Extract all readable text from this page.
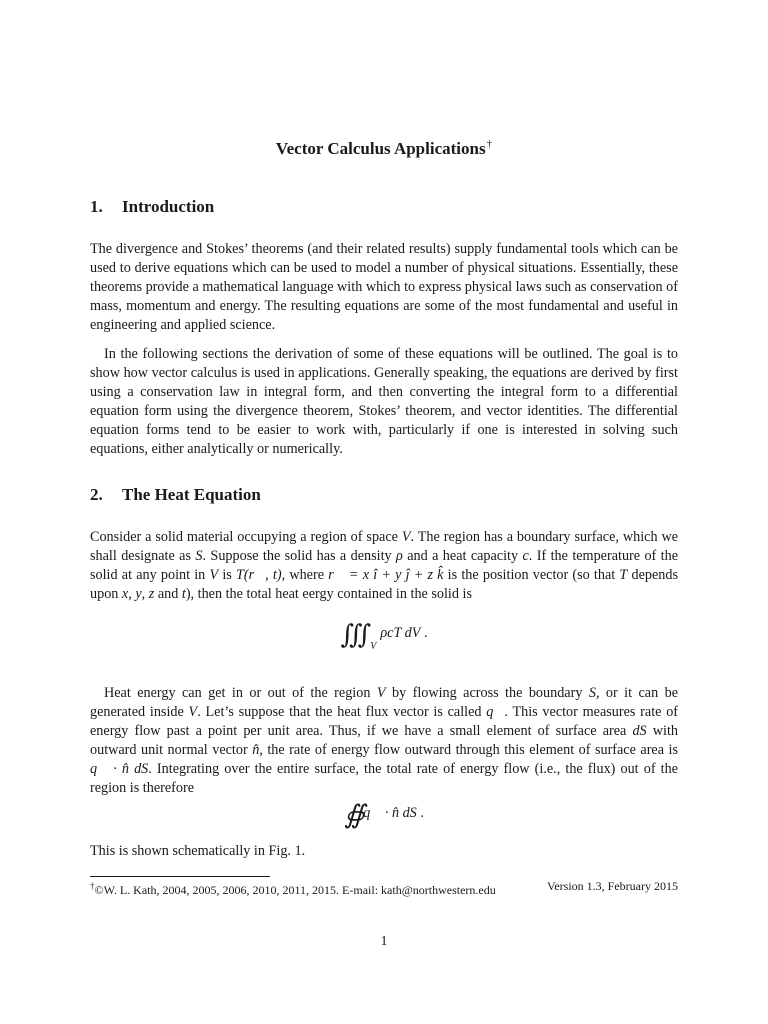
Vector Calculus Applications†
1. Introduction
The divergence and Stokes’ theorems (and their related results) supply fundamental tools which can be used to derive equations which can be used to model a number of physical situations. Essentially, these theorems provide a mathematical language with which to express physical laws such as conservation of mass, momentum and energy. The resulting equations are some of the most fundamental and useful in engineering and applied science.
In the following sections the derivation of some of these equations will be outlined. The goal is to show how vector calculus is used in applications. Generally speaking, the equations are derived by first using a conservation law in integral form, and then converting the integral form to a differential equation form using the divergence theorem, Stokes’ theorem, and vector identities. The differential equation forms tend to be easier to work with, particularly if one is interested in solving such equations, either analytically or numerically.
2. The Heat Equation
Consider a solid material occupying a region of space V. The region has a boundary surface, which we shall designate as S. Suppose the solid has a density ρ and a heat capacity c. If the temperature of the solid at any point in V is T(r⃗, t), where r⃗ = x î + y ĵ + z k̂ is the position vector (so that T depends upon x, y, z and t), then the total heat eergy contained in the solid is
∭ $_V$ρcT dV .
Heat energy can get in or out of the region V by flowing across the boundary S, or it can be generated inside V. Let’s suppose that the heat flux vector is called q⃗. This vector measures rate of energy flow past a point per unit area. Thus, if we have a small element of surface area dS with outward unit normal vector n̂, the rate of energy flow outward through this element of surface area is q⃗ · n̂ dS. Integrating over the entire surface, the total rate of energy flow (i.e., the flux) out of the region is therefore
∯ q⃗ · n̂ dS .
This is shown schematically in Fig. 1.
†©W. L. Kath, 2004, 2005, 2006, 2010, 2011, 2015. E-mail: kath@northwestern.edu	Version 1.3, February 2015
1
